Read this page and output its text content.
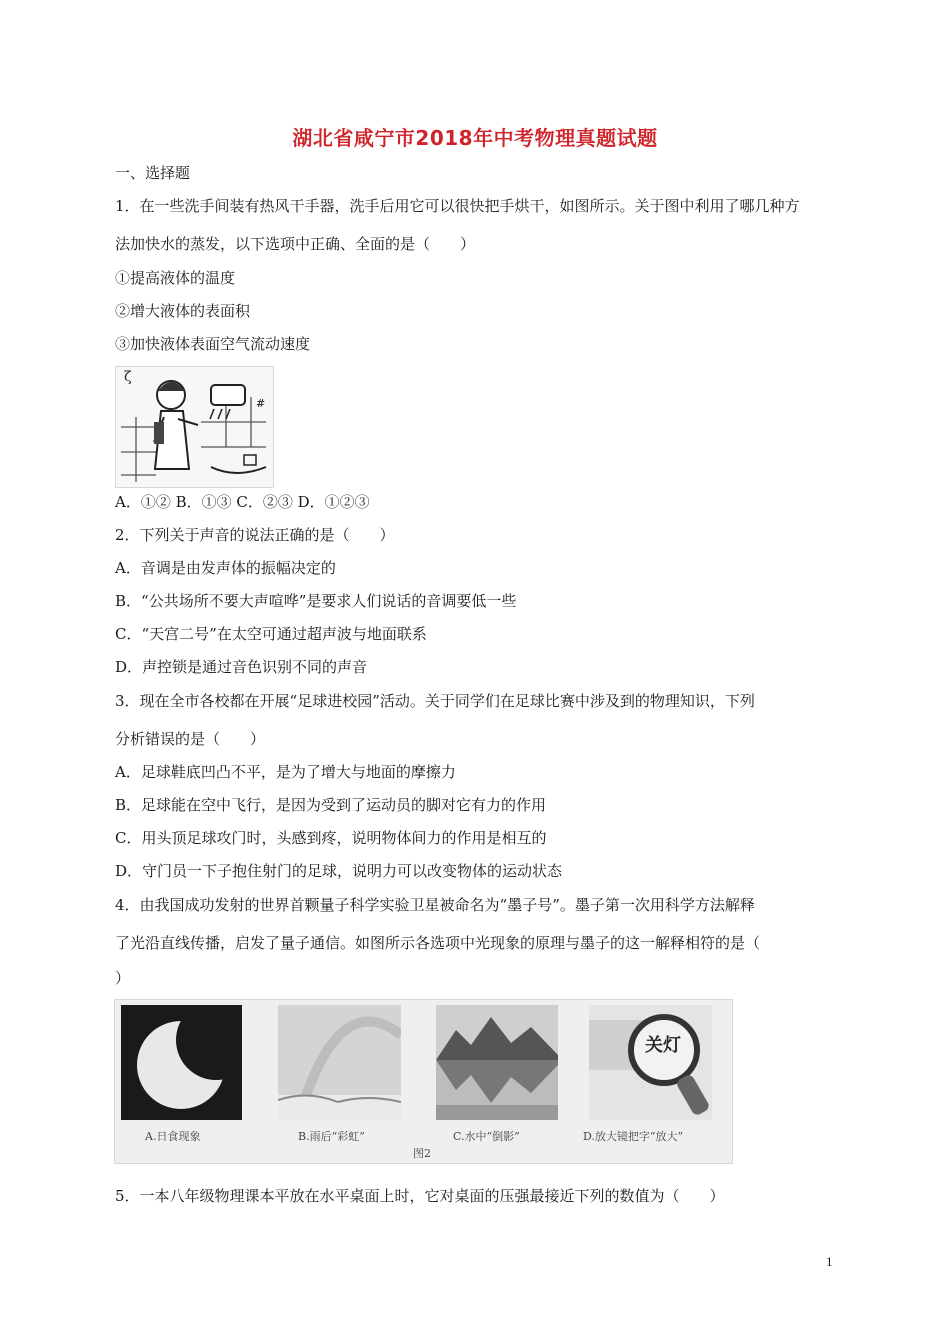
湖北省咸宁市2018年中考物理真题试题
一、选择题
1．在一些洗手间装有热风干手器，洗手后用它可以很快把手烘干，如图所示。关于图中利用了哪几种方
法加快水的蒸发，以下选项中正确、全面的是（　　）
①提高液体的温度
②增大液体的表面积
③加快液体表面空气流动速度
ζ
#
A．①② B．①③ C．②③ D．①②③
2．下列关于声音的说法正确的是（　　）
A．音调是由发声体的振幅决定的
B．“公共场所不要大声喧哗”是要求人们说话的音调要低一些
C．“天宫二号”在太空可通过超声波与地面联系
D．声控锁是通过音色识别不同的声音
3．现在全市各校都在开展“足球进校园”活动。关于同学们在足球比赛中涉及到的物理知识，下列
分析错误的是（　　）
A．足球鞋底凹凸不平，是为了增大与地面的摩擦力
B．足球能在空中飞行，是因为受到了运动员的脚对它有力的作用
C．用头顶足球攻门时，头感到疼，说明物体间力的作用是相互的
D．守门员一下子抱住射门的足球，说明力可以改变物体的运动状态
4．由我国成功发射的世界首颗量子科学实验卫星被命名为“墨子号”。墨子第一次用科学方法解释
了光沿直线传播，启发了量子通信。如图所示各选项中光现象的原理与墨子的这一解释相符的是（
）
关灯
A.日食现象	B.雨后“彩虹”	C.水中“倒影”	D.放大镜把字“放大”
图2
5．一本八年级物理课本平放在水平桌面上时，它对桌面的压强最接近下列的数值为（　　）
1
